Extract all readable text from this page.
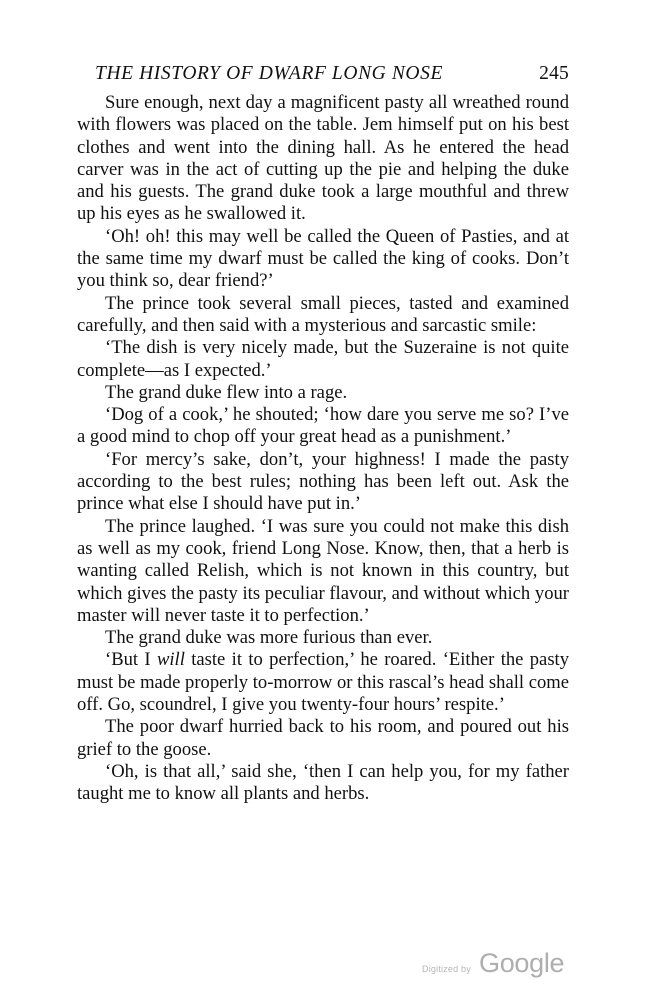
THE HISTORY OF DWARF LONG NOSE	245

Sure enough, next day a magnificent pasty all wreathed round with flowers was placed on the table. Jem himself put on his best clothes and went into the dining hall. As he entered the head carver was in the act of cutting up the pie and helping the duke and his guests. The grand duke took a large mouthful and threw up his eyes as he swallowed it.

‘Oh! oh! this may well be called the Queen of Pasties, and at the same time my dwarf must be called the king of cooks. Don’t you think so, dear friend?’

The prince took several small pieces, tasted and examined carefully, and then said with a mysterious and sarcastic smile:

‘The dish is very nicely made, but the Suzeraine is not quite complete—as I expected.’

The grand duke flew into a rage.

‘Dog of a cook,’ he shouted; ‘how dare you serve me so? I’ve a good mind to chop off your great head as a punishment.’

‘For mercy’s sake, don’t, your highness! I made the pasty according to the best rules; nothing has been left out. Ask the prince what else I should have put in.’

The prince laughed. ‘I was sure you could not make this dish as well as my cook, friend Long Nose. Know, then, that a herb is wanting called Relish, which is not known in this country, but which gives the pasty its peculiar flavour, and without which your master will never taste it to perfection.’

The grand duke was more furious than ever.

‘But I will taste it to perfection,’ he roared. ‘Either the pasty must be made properly to-morrow or this rascal’s head shall come off. Go, scoundrel, I give you twenty-four hours’ respite.’

The poor dwarf hurried back to his room, and poured out his grief to the goose.

‘Oh, is that all,’ said she, ‘then I can help you, for my father taught me to know all plants and herbs.

Digitized by Google
